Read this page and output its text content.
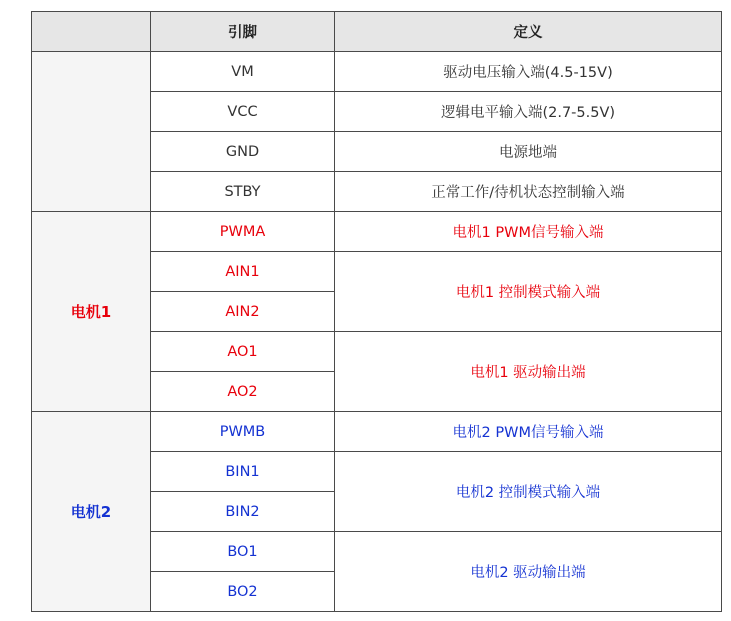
	引脚	定义
	VM	驱动电压输入端(4.5-15V)
	VCC	逻辑电平输入端(2.7-5.5V)
	GND	电源地端
	STBY	正常工作/待机状态控制输入端
电机1	PWMA	电机1 PWM信号输入端
	AIN1	电机1 控制模式输入端
	AIN2	
	AO1	电机1 驱动输出端
	AO2	
电机2	PWMB	电机2 PWM信号输入端
	BIN1	电机2 控制模式输入端
	BIN2	
	BO1	电机2 驱动输出端
	BO2	
